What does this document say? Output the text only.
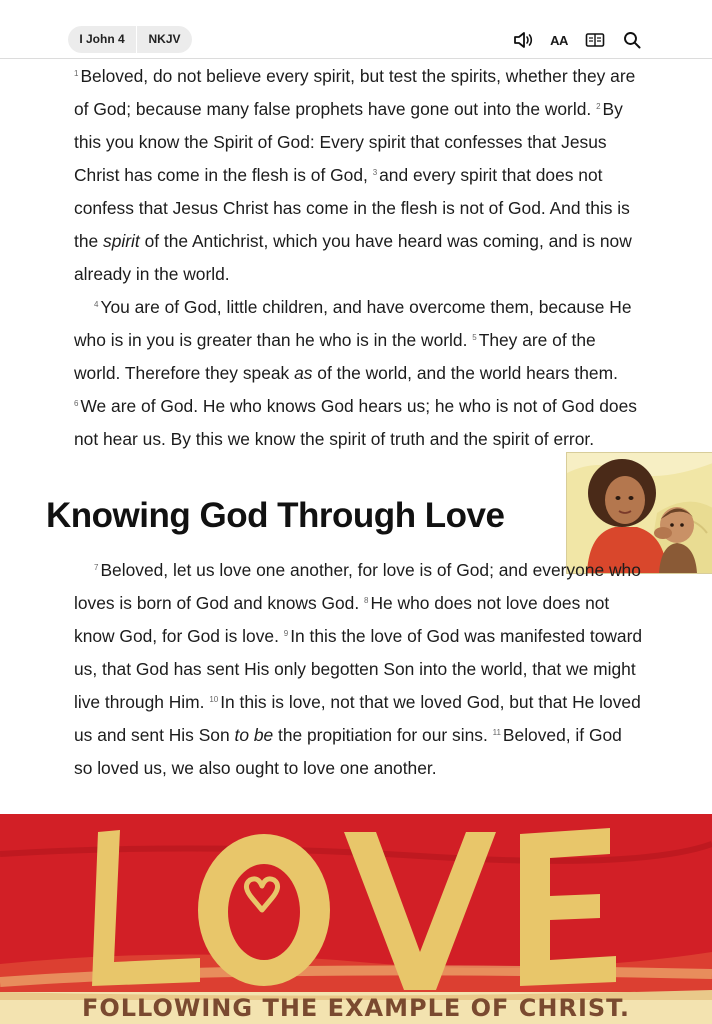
I John 4	NKJV	AA

$^1$ Beloved, do not believe every spirit, but test the spirits, whether they are of God; because many false prophets have gone out into the world. $^2$ By this you know the Spirit of God: Every spirit that confesses that Jesus Christ has come in the flesh is of God, $^3$ and every spirit that does not confess that Jesus Christ has come in the flesh is not of God. And this is the spirit of the Antichrist, which you have heard was coming, and is now already in the world.

$^4$ You are of God, little children, and have overcome them, because He who is in you is greater than he who is in the world. $^5$ They are of the world. Therefore they speak as of the world, and the world hears them. $^6$ We are of God. He who knows God hears us; he who is not of God does not hear us. By this we know the spirit of truth and the spirit of error.

Knowing God Through Love

$^7$ Beloved, let us love one another, for love is of God; and everyone who loves is born of God and knows God. $^8$ He who does not love does not know God, for God is love. $^9$ In this the love of God was manifested toward us, that God has sent His only begotten Son into the world, that we might live through Him. $^{10}$ In this is love, not that we loved God, but that He loved us and sent His Son to be the propitiation for our sins. $^{11}$ Beloved, if God so loved us, we also ought to love one another.

FOLLOWING THE EXAMPLE OF CHRIST.
